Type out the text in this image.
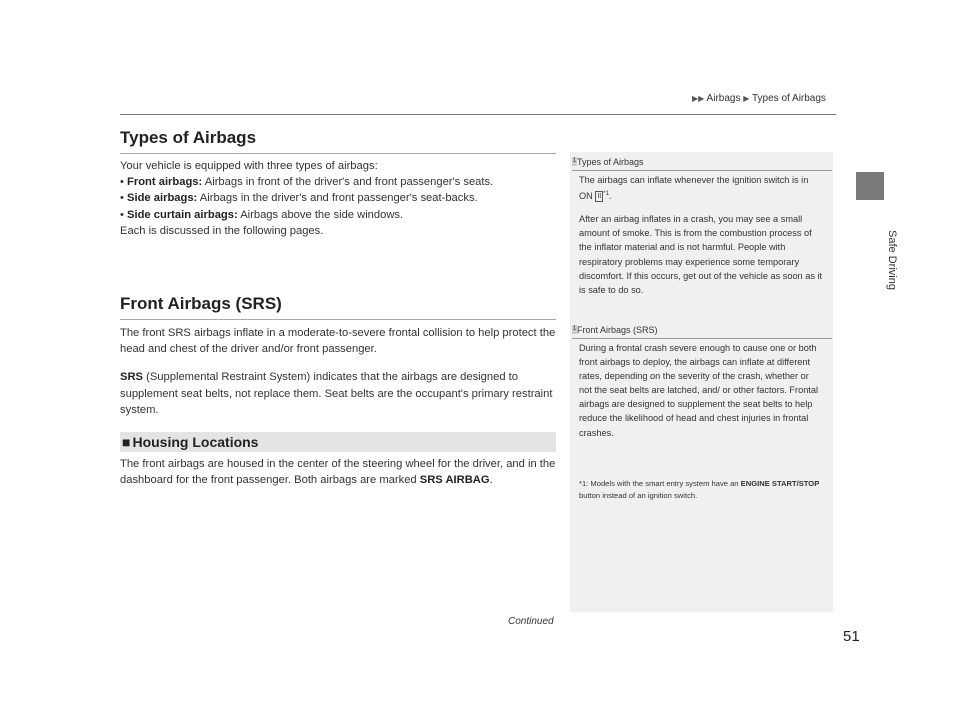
▶▶ Airbags ▶ Types of Airbags
Safe Driving
Types of Airbags
Your vehicle is equipped with three types of airbags:
• Front airbags: Airbags in front of the driver's and front passenger's seats.
• Side airbags: Airbags in the driver's and front passenger's seat-backs.
• Side curtain airbags: Airbags above the side windows.
Each is discussed in the following pages.
Front Airbags (SRS)
The front SRS airbags inflate in a moderate-to-severe frontal collision to help protect the head and chest of the driver and/or front passenger.
SRS (Supplemental Restraint System) indicates that the airbags are designed to supplement seat belts, not replace them. Seat belts are the occupant's primary restraint system.
■ Housing Locations
The front airbags are housed in the center of the steering wheel for the driver, and in the dashboard for the front passenger. Both airbags are marked SRS AIRBAG.
1Types of Airbags
The airbags can inflate whenever the ignition switch is in ON II $^{*1}$.
After an airbag inflates in a crash, you may see a small amount of smoke. This is from the combustion process of the inflator material and is not harmful. People with respiratory problems may experience some temporary discomfort. If this occurs, get out of the vehicle as soon as it is safe to do so.
1Front Airbags (SRS)
During a frontal crash severe enough to cause one or both front airbags to deploy, the airbags can inflate at different rates, depending on the severity of the crash, whether or not the seat belts are latched, and/ or other factors. Frontal airbags are designed to supplement the seat belts to help reduce the likelihood of head and chest injuries in frontal crashes.
*1: Models with the smart entry system have an ENGINE START/STOP button instead of an ignition switch.
Continued
51
